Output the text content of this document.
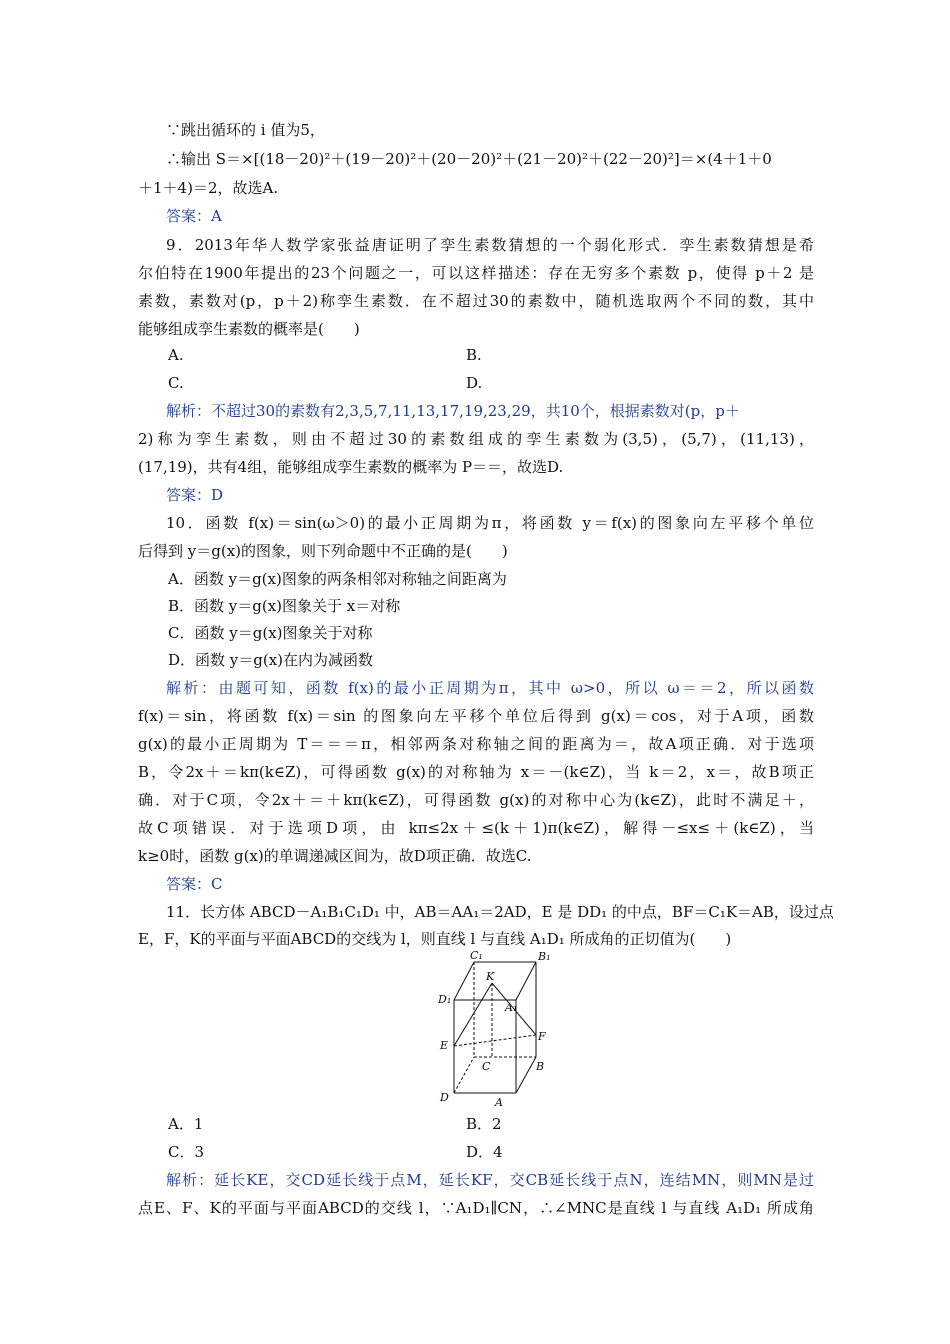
∵跳出循环的 i 值为5，
∴输出 S＝×[(18－20)²＋(19－20)²＋(20－20)²＋(21－20)²＋(22－20)²]＝×(4＋1＋0
＋1＋4)＝2，故选A.
答案：A
9．2013年华人数学家张益唐证明了孪生素数猜想的一个弱化形式．孪生素数猜想是希
尔伯特在1900年提出的23个问题之一，可以这样描述：存在无穷多个素数 p，使得 p＋2 是
素数，素数对(p，p＋2)称孪生素数．在不超过30的素数中，随机选取两个不同的数，其中
能够组成孪生素数的概率是(　　)
A.	B.
C.	D.
解析：不超过30的素数有2,3,5,7,11,13,17,19,23,29，共10个，根据素数对(p，p＋
2)称为孪生素数，则由不超过30的素数组成的孪生素数为(3,5)，(5,7)，(11,13)，
(17,19)，共有4组，能够组成孪生素数的概率为 P＝＝，故选D.
答案：D
10．函数 f(x)＝sin(ω＞0)的最小正周期为π，将函数 y＝f(x)的图象向左平移个单位
后得到 y＝g(x)的图象，则下列命题中不正确的是(　　)
A．函数 y＝g(x)图象的两条相邻对称轴之间距离为
B．函数 y＝g(x)图象关于 x＝对称
C．函数 y＝g(x)图象关于对称
D．函数 y＝g(x)在内为减函数
解析：由题可知，函数 f(x)的最小正周期为π，其中 ω>0，所以 ω＝＝2，所以函数
f(x)＝sin，将函数 f(x)＝sin 的图象向左平移个单位后得到 g(x)＝cos，对于A项，函数
g(x)的最小正周期为 T＝＝＝π，相邻两条对称轴之间的距离为＝，故A项正确．对于选项
B，令2x＋＝kπ(k∈Z)，可得函数 g(x)的对称轴为 x＝－(k∈Z)，当 k＝2，x＝，故B项正
确．对于C项，令2x＋＝＋kπ(k∈Z)，可得函数 g(x)的对称中心为(k∈Z)，此时不满足＋，
故C项错误．对于选项D项，由 kπ≤2x＋≤(k＋1)π(k∈Z)，解得－≤x≤＋(k∈Z)，当
k≥0时，函数 g(x)的单调递减区间为，故D项正确．故选C.
答案：C
11．长方体 ABCD－A₁B₁C₁D₁ 中，AB＝AA₁＝2AD，E 是 DD₁ 的中点，BF＝C₁K＝AB，设过点
E，F，K的平面与平面ABCD的交线为 l，则直线 l 与直线 A₁D₁ 所成角的正切值为(　　)
C₁	B₁
K
D₁
A₁
F
E
C	B
D	A
A．1	B．2
C．3	D．4
解析：延长KE，交CD延长线于点M，延长KF，交CB延长线于点N，连结MN，则MN是过
点E、F、K的平面与平面ABCD的交线 l，∵A₁D₁∥CN，∴∠MNC是直线 l 与直线 A₁D₁ 所成角
